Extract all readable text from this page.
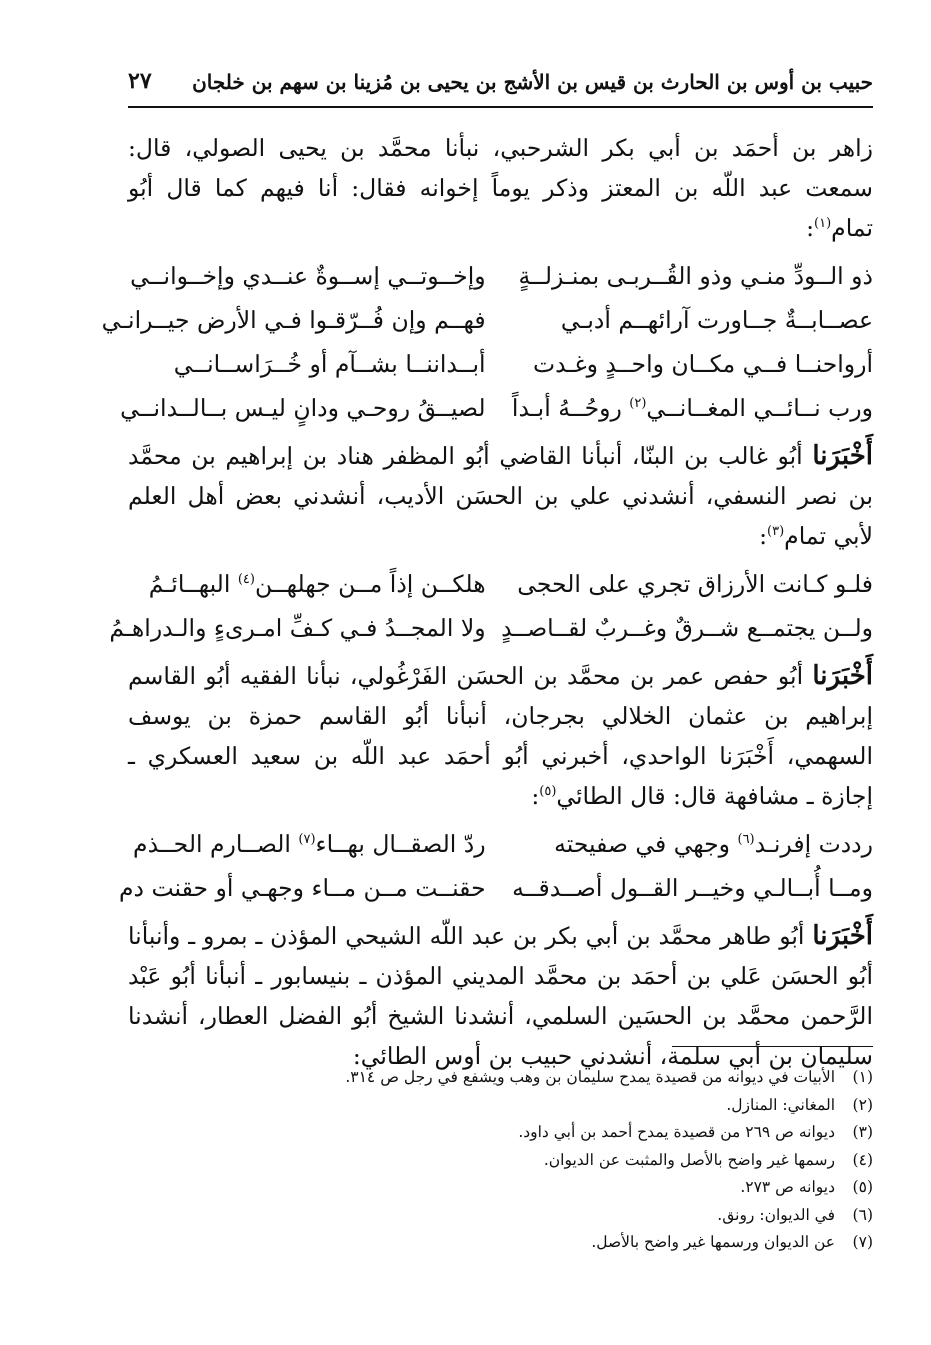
حبيب بن أوس بن الحارث بن قيس بن الأشج بن يحيى بن مُزينا بن سهم بن خلجان
٢٧

زاهر بن أحمَد بن أبي بكر الشرحبي، نبأنا محمَّد بن يحيى الصولي، قال: سمعت عبد اللّه بن المعتز وذكر يوماً إخوانه فقال: أنا فيهم كما قال أبُو تمام$^{(١)}$:

ذو الــودِّ منـي وذو القُــربـى بمنـزلــةٍ
وإخــوتــي إســوةٌ عنــدي وإخــوانــي
عصــابــةٌ جــاورت آرائهــم أدبـي
فهــم وإن فُــرّقـوا فـي الأرض جيــرانـي
أرواحنــا فــي مكــان واحــدٍ وغـدت
أبــداننــا بشــآم أو خُــرَاســانــي
ورب نــائــي المغــانــي$^{(٢)}$ روحُــهُ أبـداً
لصيــقُ روحـي ودانٍ ليـس بــالــدانــي

أَخْبَرَنا أبُو غالب بن البنّا، أنبأنا القاضي أبُو المظفر هناد بن إبراهيم بن محمَّد بن نصر النسفي، أنشدني علي بن الحسَن الأديب، أنشدني بعض أهل العلم لأبي تمام$^{(٣)}$:

فلـو كـانت الأرزاق تجري على الحجى
هلكــن إذاً مــن جهلهــن$^{(٤)}$ البهــائـمُ
ولــن يجتمــع شــرقٌ وغــربٌ لقــاصــدٍ
ولا المجــدُ فـي كـفِّ امـرىءٍ والـدراهـمُ

أَخْبَرَنا أبُو حفص عمر بن محمَّد بن الحسَن الفَرْغُولي، نبأنا الفقيه أبُو القاسم إبراهيم بن عثمان الخلالي بجرجان، أنبأنا أبُو القاسم حمزة بن يوسف السهمي، أَخْبَرَنا الواحدي، أخبرني أبُو أحمَد عبد اللّه بن سعيد العسكري ـ إجازة ـ مشافهة قال: قال الطائي$^{(٥)}$:

رددت إفرنـد$^{(٦)}$ وجهي في صفيحته
ردّ الصقــال بهــاء$^{(٧)}$ الصــارم الحــذم
ومــا أُبــالـي وخيــر القــول أصــدقــه
حقنــت مــن مــاء وجهـي أو حقنت دم

أَخْبَرَنا أبُو طاهر محمَّد بن أبي بكر بن عبد اللّه الشيحي المؤذن ـ بمرو ـ وأنبأنا أبُو الحسَن عَلي بن أحمَد بن محمَّد المديني المؤذن ـ بنيسابور ـ أنبأنا أبُو عَبْد الرَّحمن محمَّد بن الحسَين السلمي، أنشدنا الشيخ أبُو الفضل العطار، أنشدنا سليمان بن أبي سلمة، أنشدني حبيب بن أوس الطائي:

(١)الأبيات في ديوانه من قصيدة يمدح سليمان بن وهب ويشفع في رجل ص ٣١٤.
(٢)المغاني: المنازل.
(٣)ديوانه ص ٢٦٩ من قصيدة يمدح أحمد بن أبي داود.
(٤)رسمها غير واضح بالأصل والمثبت عن الديوان.
(٥)ديوانه ص ٢٧٣.
(٦)في الديوان: رونق.
(٧)عن الديوان ورسمها غير واضح بالأصل.
